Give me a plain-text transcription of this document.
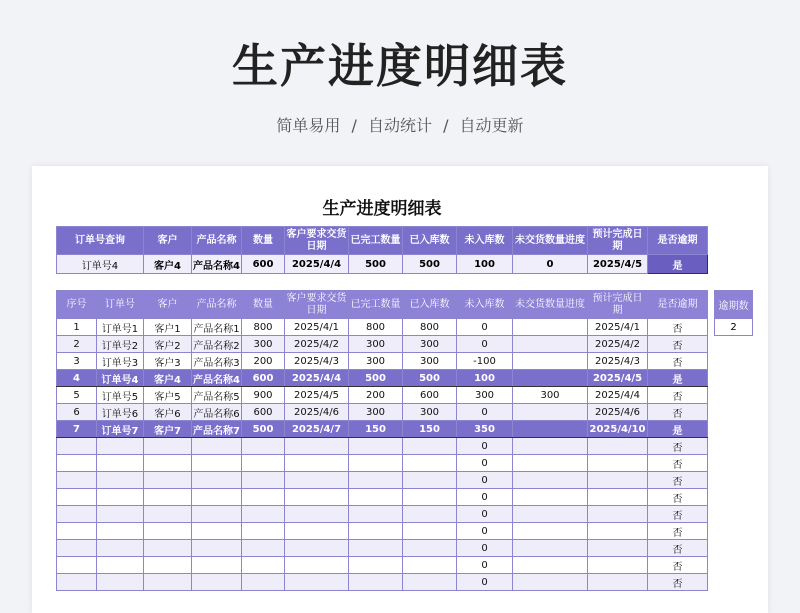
生产进度明细表
简单易用 / 自动统计 / 自动更新
生产进度明细表
订单号查询	客户	产品名称	数量	客户要求交货日期	已完工数量	已入库数	未入库数	未交货数量进度	预计完成日期	是否逾期
订单号4	客户4	产品名称4	600	2025/4/4	500	500	100	0	2025/4/5	是
序号	订单号	客户	产品名称	数量	客户要求交货日期	已完工数量	已入库数	未入库数	未交货数量进度	预计完成日期	是否逾期
1	订单号1	客户1	产品名称1	800	2025/4/1	800	800	0		2025/4/1	否
2	订单号2	客户2	产品名称2	300	2025/4/2	300	300	0		2025/4/2	否
3	订单号3	客户3	产品名称3	200	2025/4/3	300	300	-100		2025/4/3	否
4	订单号4	客户4	产品名称4	600	2025/4/4	500	500	100		2025/4/5	是
5	订单号5	客户5	产品名称5	900	2025/4/5	200	600	300	300	2025/4/4	否
6	订单号6	客户6	产品名称6	600	2025/4/6	300	300	0		2025/4/6	否
7	订单号7	客户7	产品名称7	500	2025/4/7	150	150	350		2025/4/10	是
								0			否
								0			否
								0			否
								0			否
								0			否
								0			否
								0			否
								0			否
								0			否
逾期数
2
